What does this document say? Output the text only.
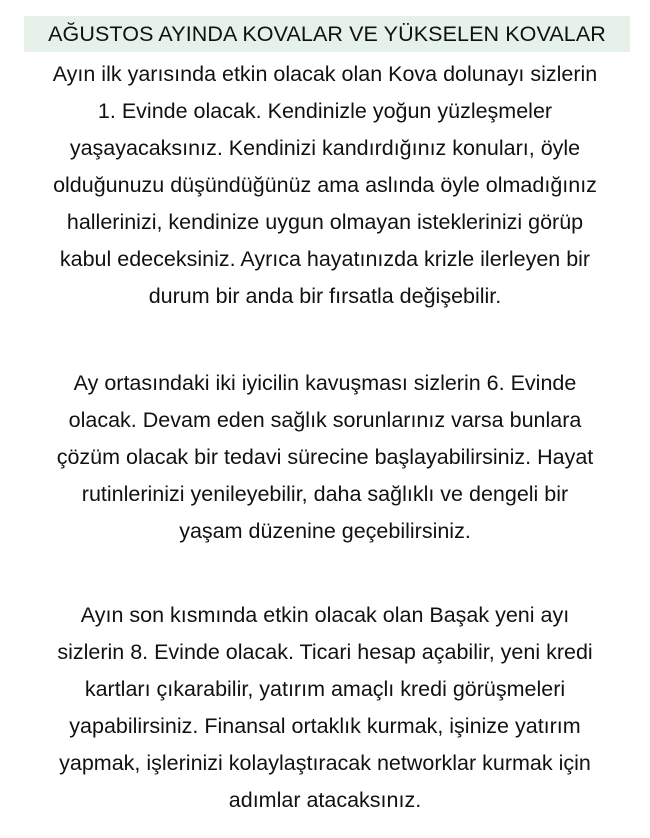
AĞUSTOS AYINDA KOVALAR VE YÜKSELEN KOVALAR
Ayın ilk yarısında etkin olacak olan Kova dolunayı sizlerin
1. Evinde olacak. Kendinizle yoğun yüzleşmeler
yaşayacaksınız. Kendinizi kandırdığınız konuları, öyle
olduğunuzu düşündüğünüz ama aslında öyle olmadığınız
hallerinizi, kendinize uygun olmayan isteklerinizi görüp
kabul edeceksiniz. Ayrıca hayatınızda krizle ilerleyen bir
durum bir anda bir fırsatla değişebilir.
Ay ortasındaki iki iyicilin kavuşması sizlerin 6. Evinde
olacak. Devam eden sağlık sorunlarınız varsa bunlara
çözüm olacak bir tedavi sürecine başlayabilirsiniz. Hayat
rutinlerinizi yenileyebilir, daha sağlıklı ve dengeli bir
yaşam düzenine geçebilirsiniz.
Ayın son kısmında etkin olacak olan Başak yeni ayı
sizlerin 8. Evinde olacak. Ticari hesap açabilir, yeni kredi
kartları çıkarabilir, yatırım amaçlı kredi görüşmeleri
yapabilirsiniz. Finansal ortaklık kurmak, işinize yatırım
yapmak, işlerinizi kolaylaştıracak networklar kurmak için
adımlar atacaksınız.
